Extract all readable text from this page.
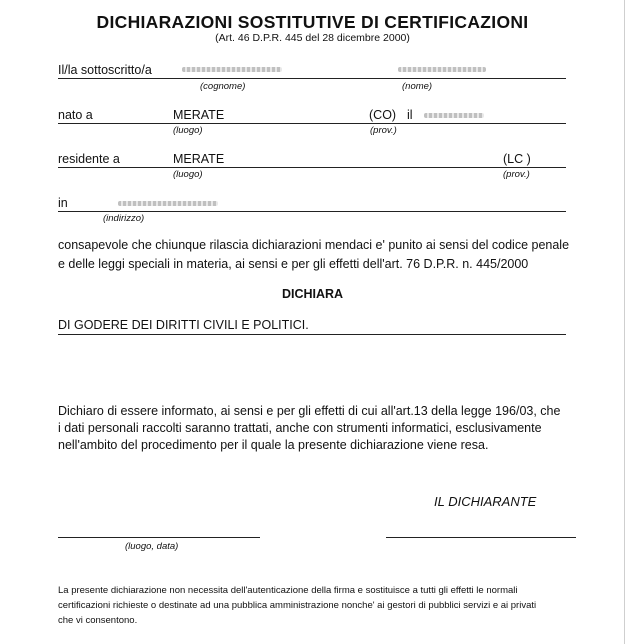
DICHIARAZIONI SOSTITUTIVE DI CERTIFICAZIONI
(Art. 46 D.P.R. 445 del 28 dicembre 2000)
Il/la sottoscritto/a
(cognome)	(nome)
nato a	MERATE	(CO) il
(luogo)	(prov.)
residente a	MERATE	(LC )
(luogo)	(prov.)
in
(indirizzo)
consapevole che chiunque rilascia dichiarazioni mendaci e' punito ai sensi del codice penale
e delle leggi speciali in materia, ai sensi e per gli effetti dell'art. 76 D.P.R. n. 445/2000
DICHIARA
DI GODERE DEI DIRITTI CIVILI E POLITICI.
Dichiaro di essere informato, ai sensi e per gli effetti di cui all'art.13 della legge 196/03, che
i dati personali raccolti saranno trattati, anche con strumenti informatici, esclusivamente
nell'ambito del procedimento per il quale la presente dichiarazione viene resa.
IL DICHIARANTE
(luogo, data)
La presente dichiarazione non necessita dell'autenticazione della firma e sostituisce a tutti gli effetti le normali
certificazioni richieste o destinate ad una pubblica amministrazione nonche' ai gestori di pubblici servizi e ai privati
che vi consentono.
